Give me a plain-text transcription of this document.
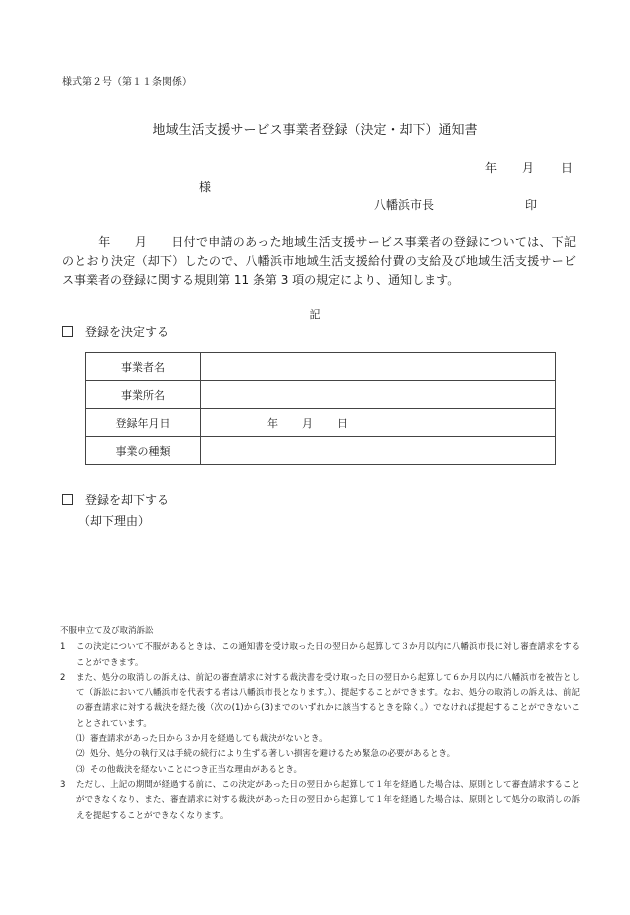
様式第２号（第１１条関係）
地域生活支援サービス事業者登録（決定・却下）通知書
年 月 日
様
八幡浜市長	印
年 月 日付で申請のあった地域生活支援サービス事業者の登録については、下記のとおり決定（却下）したので、八幡浜市地域生活支援給付費の支給及び地域生活支援サービス事業者の登録に関する規則第 11 条第 3 項の規定により、通知します。
記
登録を決定する
事業者名	
事業所名	
登録年月日	年 月 日
事業の種類	
登録を却下する
（却下理由）
不服申立て及び取消訴訟
1	この決定について不服があるときは、この通知書を受け取った日の翌日から起算して３か月以内に八幡浜市長に対し審査請求をすることができます。
2	また、処分の取消しの訴えは、前記の審査請求に対する裁決書を受け取った日の翌日から起算して６か月以内に八幡浜市を被告として（訴訟において八幡浜市を代表する者は八幡浜市長となります。）、提起することができます。なお、処分の取消しの訴えは、前記の審査請求に対する裁決を経た後（次の(1)から(3)までのいずれかに該当するときを除く。）でなければ提起することができないこととされています。
⑴ 審査請求があった日から３か月を経過しても裁決がないとき。
⑵ 処分、処分の執行又は手続の続行により生ずる著しい損害を避けるため緊急の必要があるとき。
⑶ その他裁決を経ないことにつき正当な理由があるとき。
3	ただし、上記の期間が経過する前に、この決定があった日の翌日から起算して１年を経過した場合は、原則として審査請求することができなくなり、また、審査請求に対する裁決があった日の翌日から起算して１年を経過した場合は、原則として処分の取消しの訴えを提起することができなくなります。
